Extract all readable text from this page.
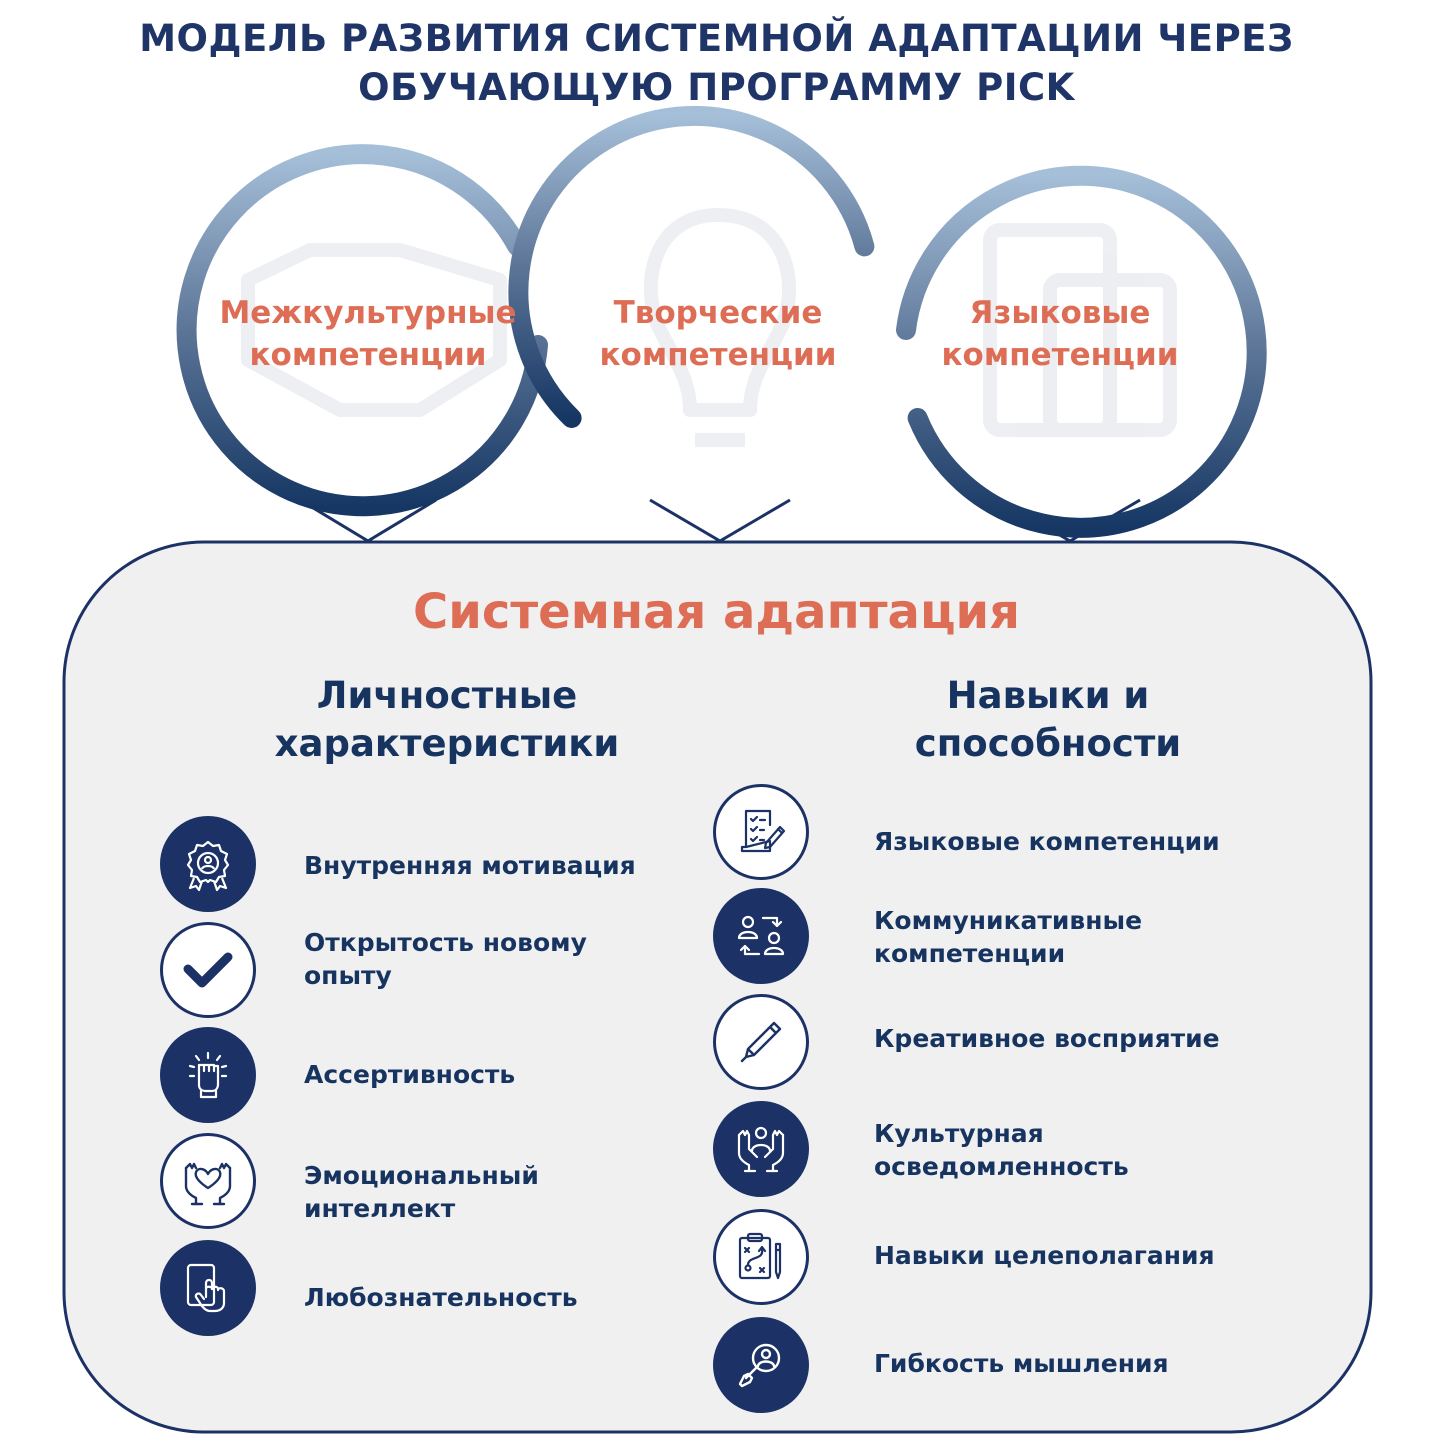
МОДЕЛЬ РАЗВИТИЯ СИСТЕМНОЙ АДАПТАЦИИ ЧЕРЕЗ
ОБУЧАЮЩУЮ ПРОГРАММУ PICK
Межкультурные
компетенции
Творческие
компетенции
Языковые
компетенции
Системная адаптация
Личностные
характеристики
Навыки и
способности
Внутренняя мотивация
Открытость новому
опыту
Ассертивность
Эмоциональный
интеллект
Любознательность
Языковые компетенции
Коммуникативные
компетенции
Креативное восприятие
Культурная
осведомленность
Навыки целеполагания
Гибкость мышления
